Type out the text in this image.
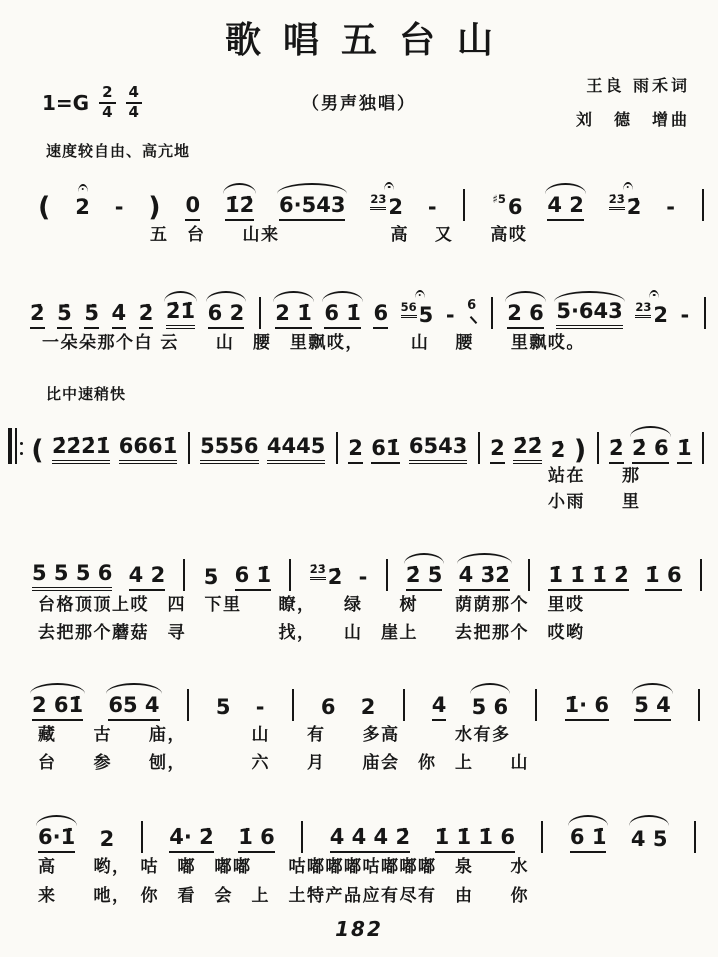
歌唱五台山
$1=G \frac{2}{4} \frac{4}{4}$	（男声独唱）
王良 雨禾词
刘　德　增曲
速度较自由、高亢地
( 2 - ) 0 1̇2̇ 6·543 23
2 -	♯56 4 2 2̇3̇
2̇ -
五　台　　山来　　　　　　高　 又　　高哎
2̇ 5̇ 5̇ 4̇ 2̇ 2̇1̇ 6 2 2 1̇ 6 1̇ 6 56
5 - 6 2 6 5·643 23
2 -
一朵朵那个白 云　　山　腰　里飘哎，　　　山　 腰　　里飘哎。
比中速稍快
( 2̇2̇2̇1̇ 6661̇ 5556 4445 2 61̇ 6543 2 2̇2̇ 2̇ ) 2̇ 2̇ 6 1̇
站在　　那
小雨　　里
5 5 5 6 4 2 5 6 1̇	2̇3̇2̇ - 2̇ 5̇ 4̇ 3̇2̇ 1̇ 1̇ 1̇ 2̇ 1̇ 6
台格顶顶上哎　四　下里　　瞭，　　绿　　树　　荫荫那个　里哎
去把那个蘑菇　寻　　　　　找，　　山　崖上　　去把那个　哎哟
2 61̇ 65 4	5 -	6 2	4 5 6	1̇· 6 5 4
藏　　古　　庙，　　　　山　　有　　多高　　　水有多
台　　参　　刨，　　　　六　　月　　庙会　你　上　　山
6·1̇ 2	4̇· 2̇ 1̇ 6	4̇ 4̇ 4̇ 2̇ 1̇ 1̇ 1̇ 6	6 1̇ 4 5
高　　哟，　咕　嘟　嘟嘟　　咕嘟嘟嘟咕嘟嘟嘟　泉　　水
来　　吔，　你　看　会　上　土特产品应有尽有　由　　你
182
